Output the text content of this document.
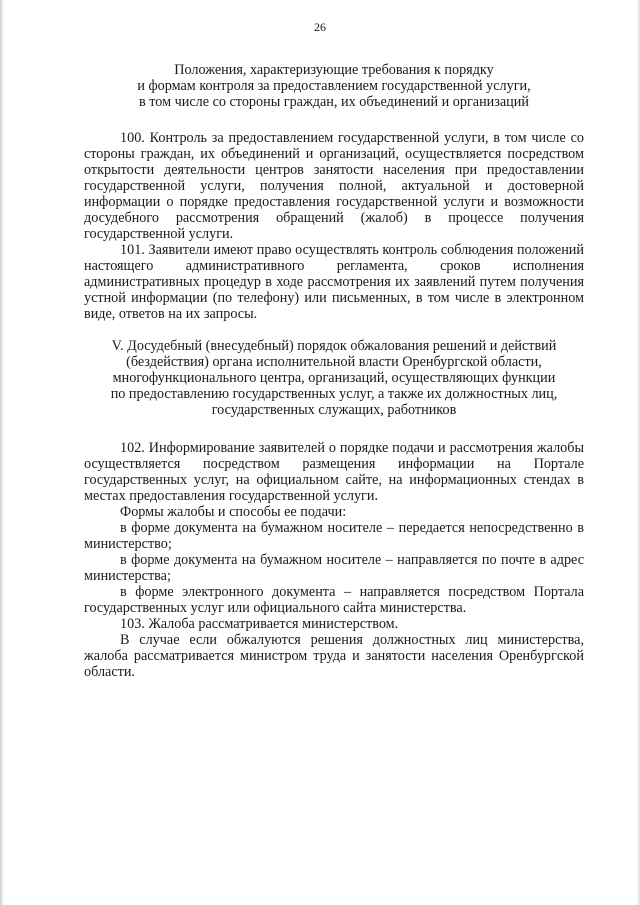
26
Положения, характеризующие требования к порядку
и формам контроля за предоставлением государственной услуги,
в том числе со стороны граждан, их объединений и организаций

100. Контроль за предоставлением государственной услуги, в том числе со стороны граждан, их объединений и организаций, осуществляется посредством открытости деятельности центров занятости населения при предоставлении государственной услуги, получения полной, актуальной и достоверной информации о порядке предоставления государственной услуги и возможности досудебного рассмотрения обращений (жалоб) в процессе получения государственной услуги.

101. Заявители имеют право осуществлять контроль соблюдения положений настоящего административного регламента, сроков исполнения административных процедур в ходе рассмотрения их заявлений путем получения устной информации (по телефону) или письменных, в том числе в электронном виде, ответов на их запросы.

V. Досудебный (внесудебный) порядок обжалования решений и действий
(бездействия) органа исполнительной власти Оренбургской области,
многофункционального центра, организаций, осуществляющих функции
по предоставлению государственных услуг, а также их должностных лиц,
государственных служащих, работников

102. Информирование заявителей о порядке подачи и рассмотрения жалобы осуществляется посредством размещения информации на Портале государственных услуг, на официальном сайте, на информационных стендах в местах предоставления государственной услуги.

Формы жалобы и способы ее подачи:

в форме документа на бумажном носителе – передается непосредственно в министерство;

в форме документа на бумажном носителе – направляется по почте в адрес министерства;

в форме электронного документа – направляется посредством Портала государственных услуг или официального сайта министерства.

103. Жалоба рассматривается министерством.

В случае если обжалуются решения должностных лиц министерства, жалоба рассматривается министром труда и занятости населения Оренбургской области.
